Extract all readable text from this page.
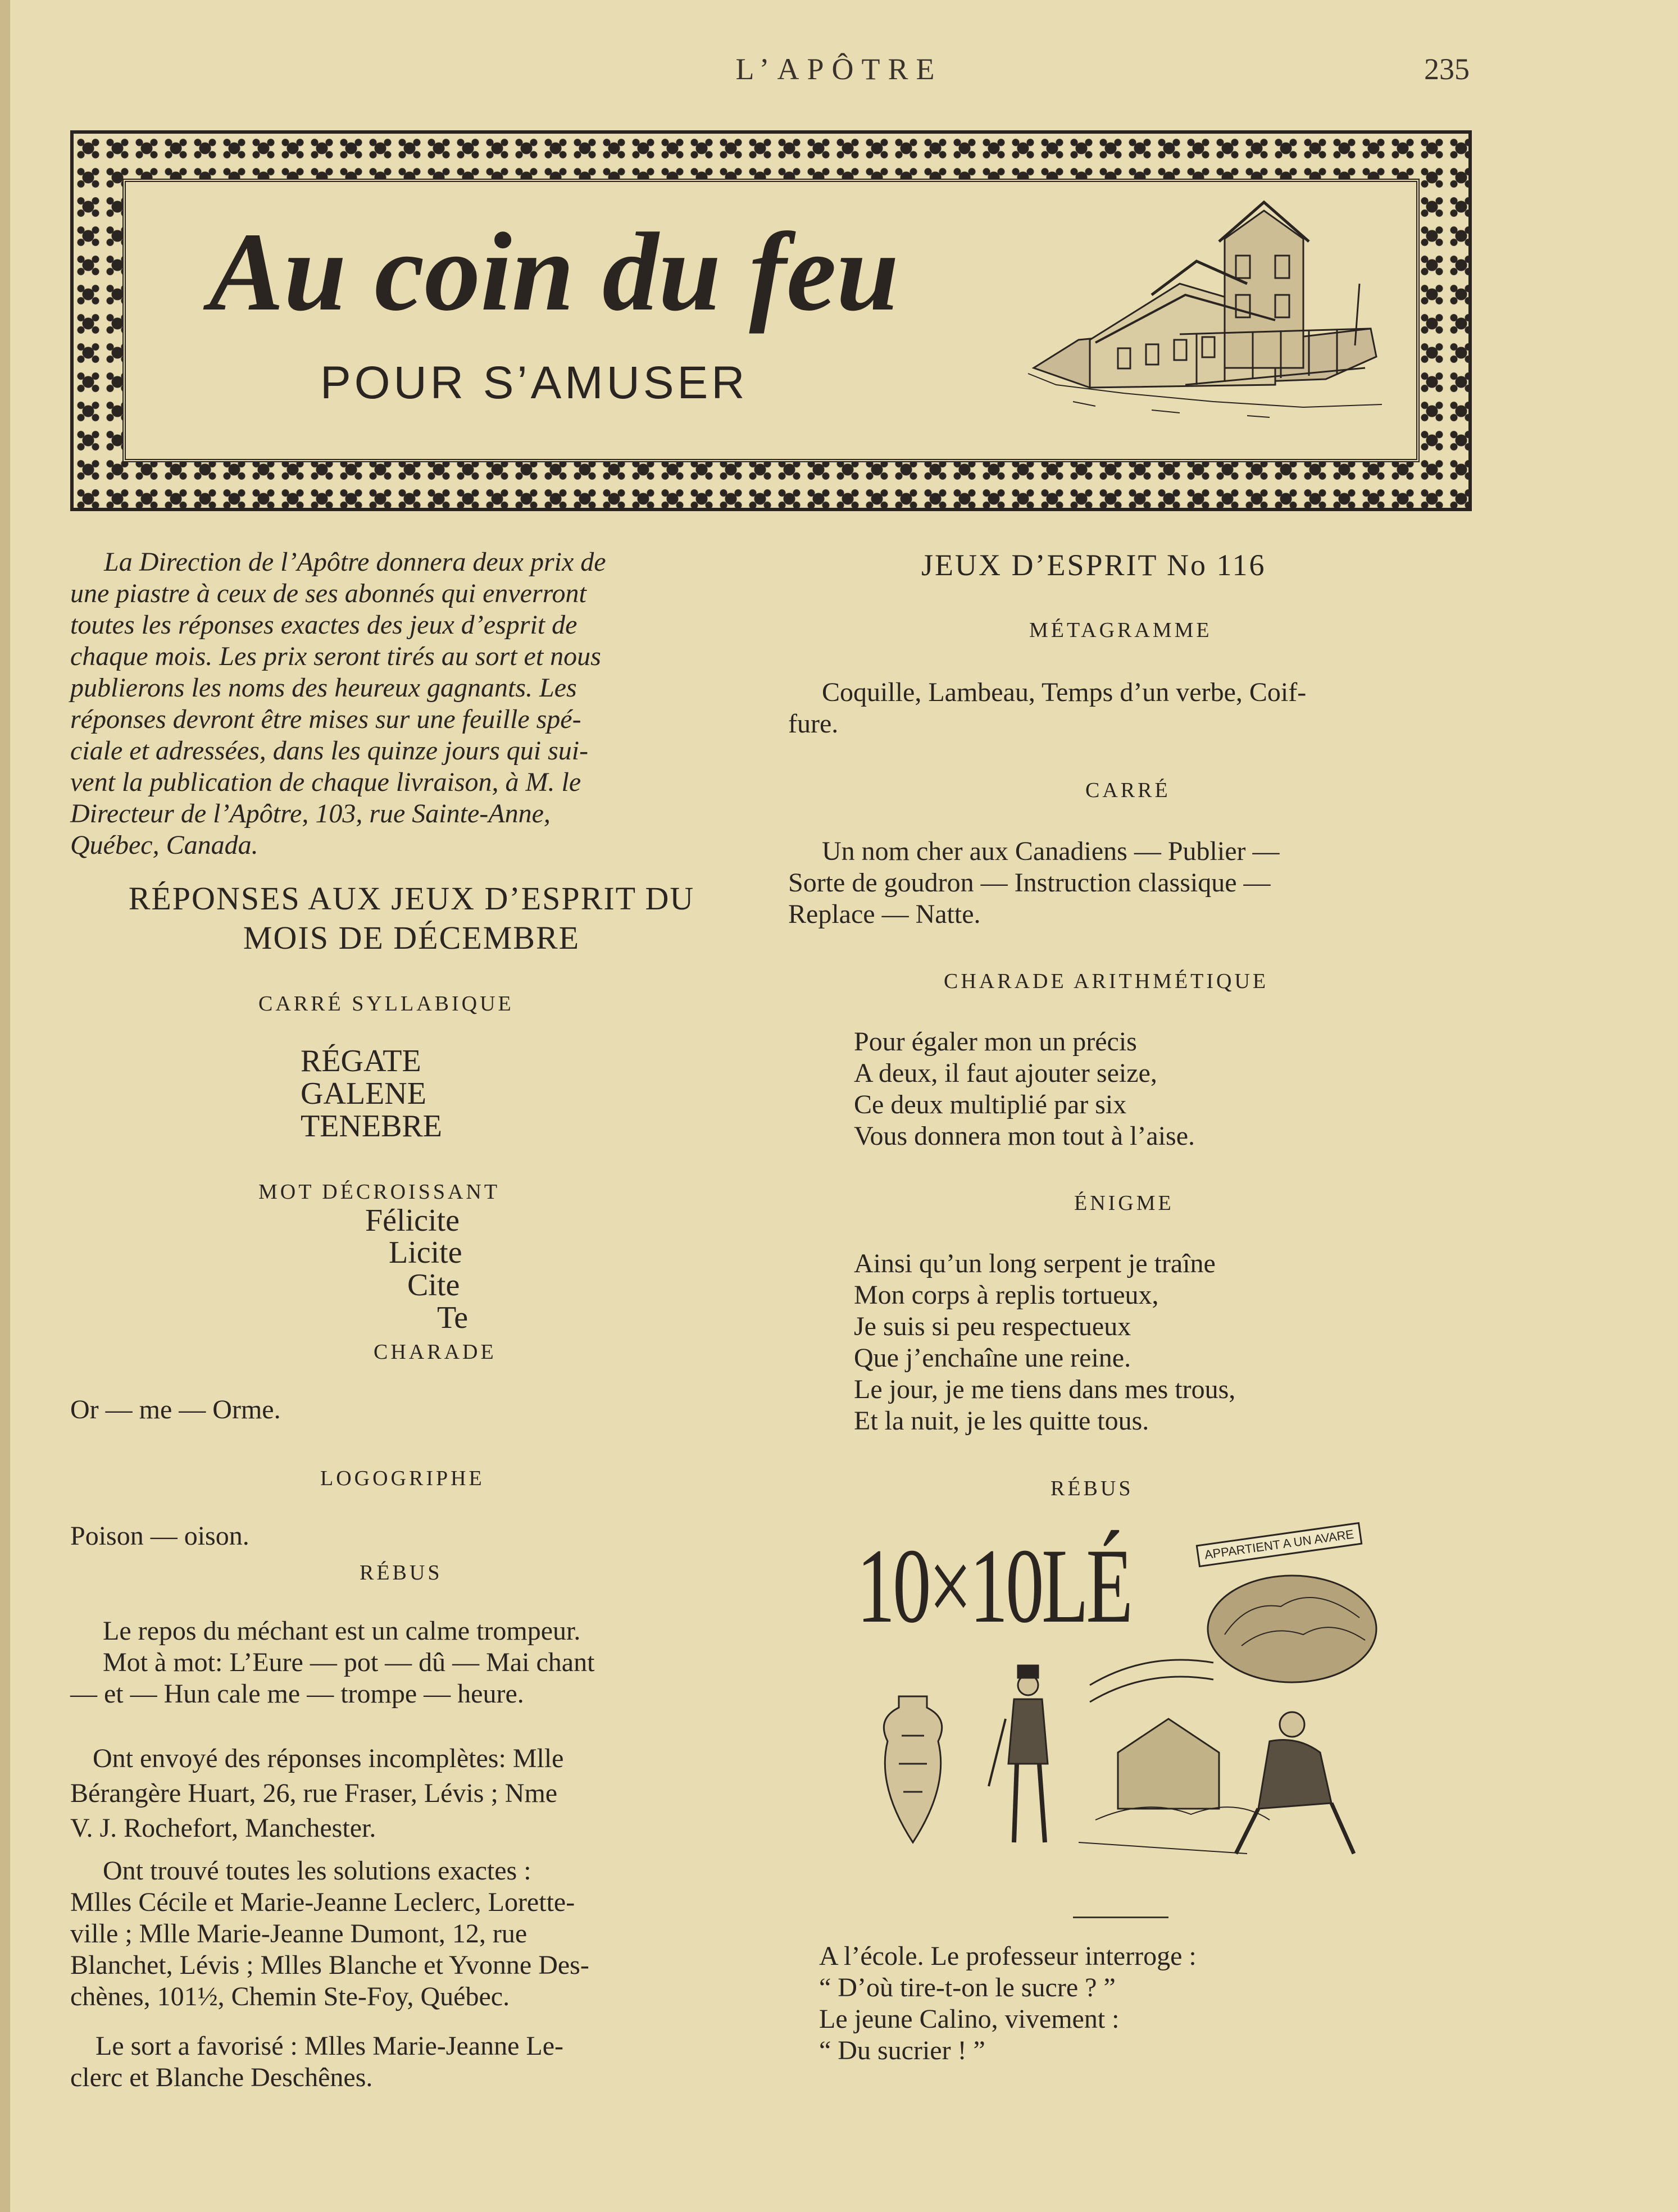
L’APÔTRE	235
Au coin du feu
POUR S’AMUSER
La Direction de l’Apôtre donnera deux prix de
une piastre à ceux de ses abonnés qui enverront
toutes les réponses exactes des jeux d’esprit de
chaque mois. Les prix seront tirés au sort et nous
publierons les noms des heureux gagnants. Les
réponses devront être mises sur une feuille spé-
ciale et adressées, dans les quinze jours qui sui-
vent la publication de chaque livraison, à M. le
Directeur de l’Apôtre, 103, rue Sainte-Anne,
Québec, Canada.
RÉPONSES AUX JEUX D’ESPRIT DU
MOIS DE DÉCEMBRE
CARRÉ SYLLABIQUE
RÉGATE
GALENE
TENEBRE
MOT DÉCROISSANT
Félicite
Licite
Cite
Te
CHARADE
Or — me — Orme.
LOGOGRIPHE
Poison — oison.
RÉBUS
Le repos du méchant est un calme trompeur.
Mot à mot: L’Eure — pot — dû — Mai chant
— et — Hun cale me — trompe — heure.
Ont envoyé des réponses incomplètes: Mlle
Bérangère Huart, 26, rue Fraser, Lévis ; Nme
V. J. Rochefort, Manchester.
Ont trouvé toutes les solutions exactes :
Mlles Cécile et Marie-Jeanne Leclerc, Lorette-
ville ; Mlle Marie-Jeanne Dumont, 12, rue
Blanchet, Lévis ; Mlles Blanche et Yvonne Des-
chènes, 101½, Chemin Ste-Foy, Québec.
Le sort a favorisé : Mlles Marie-Jeanne Le-
clerc et Blanche Deschênes.
JEUX D’ESPRIT No 116
MÉTAGRAMME
Coquille, Lambeau, Temps d’un verbe, Coif-
fure.
CARRÉ
Un nom cher aux Canadiens — Publier —
Sorte de goudron — Instruction classique —
Replace — Natte.
CHARADE ARITHMÉTIQUE
Pour égaler mon un précis
A deux, il faut ajouter seize,
Ce deux multiplié par six
Vous donnera mon tout à l’aise.
ÉNIGME
Ainsi qu’un long serpent je traîne
Mon corps à replis tortueux,
Je suis si peu respectueux
Que j’enchaîne une reine.
Le jour, je me tiens dans mes trous,
Et la nuit, je les quitte tous.
RÉBUS
10×10LÉ	APPARTIENT A UN AVARE
A l’école. Le professeur interroge :
“ D’où tire-t-on le sucre ? ”
Le jeune Calino, vivement :
“ Du sucrier ! ”
